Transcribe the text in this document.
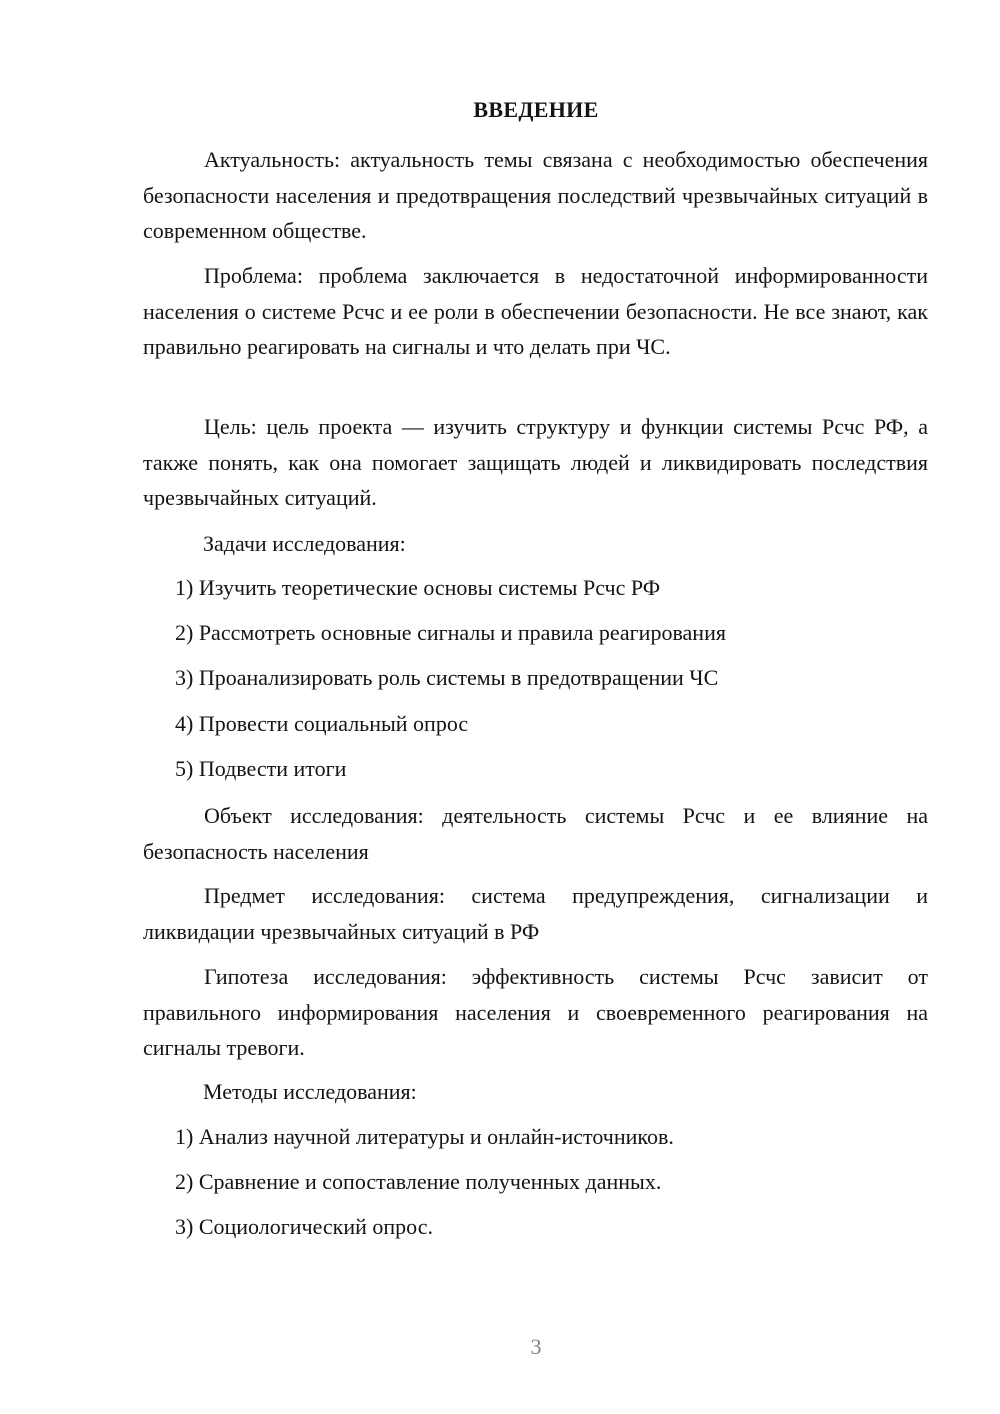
ВВЕДЕНИЕ

Актуальность: актуальность темы связана с необходимостью обеспечения безопасности населения и предотвращения последствий чрезвычайных ситуаций в современном обществе.

Проблема: проблема заключается в недостаточной информированности населения о системе Рсчс и ее роли в обеспечении безопасности. Не все знают, как правильно реагировать на сигналы и что делать при ЧС.

Цель: цель проекта — изучить структуру и функции системы Рсчс РФ, а также понять, как она помогает защищать людей и ликвидировать последствия чрезвычайных ситуаций.

Задачи исследования:

1) Изучить теоретические основы системы Рсчс РФ

2) Рассмотреть основные сигналы и правила реагирования

3) Проанализировать роль системы в предотвращении ЧС

4) Провести социальный опрос

5) Подвести итоги

Объект исследования: деятельность системы Рсчс и ее влияние на безопасность населения

Предмет исследования: система предупреждения, сигнализации и ликвидации чрезвычайных ситуаций в РФ

Гипотеза исследования: эффективность системы Рсчс зависит от правильного информирования населения и своевременного реагирования на сигналы тревоги.

Методы исследования:

1) Анализ научной литературы и онлайн-источников.

2) Сравнение и сопоставление полученных данных.

3) Социологический опрос.

3
